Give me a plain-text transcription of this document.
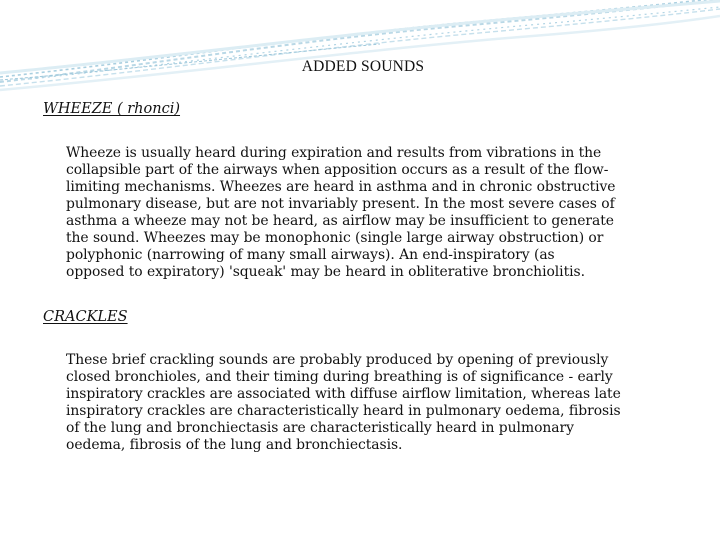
ADDED SOUNDS
WHEEZE ( rhonci)
Wheeze is usually heard during expiration and results from vibrations in the
collapsible part of the airways when apposition occurs as a result of the flow-
limiting mechanisms. Wheezes are heard in asthma and in chronic obstructive
pulmonary disease, but are not invariably present. In the most severe cases of
asthma a wheeze may not be heard, as airflow may be insufficient to generate
the sound. Wheezes may be monophonic (single large airway obstruction) or
polyphonic (narrowing of many small airways). An end-inspiratory (as
opposed to expiratory) 'squeak' may be heard in obliterative bronchiolitis.
CRACKLES
These brief crackling sounds are probably produced by opening of previously
closed bronchioles, and their timing during breathing is of significance - early
inspiratory crackles are associated with diffuse airflow limitation, whereas late
inspiratory crackles are characteristically heard in pulmonary oedema, fibrosis
of the lung and bronchiectasis are characteristically heard in pulmonary
oedema, fibrosis of the lung and bronchiectasis.
